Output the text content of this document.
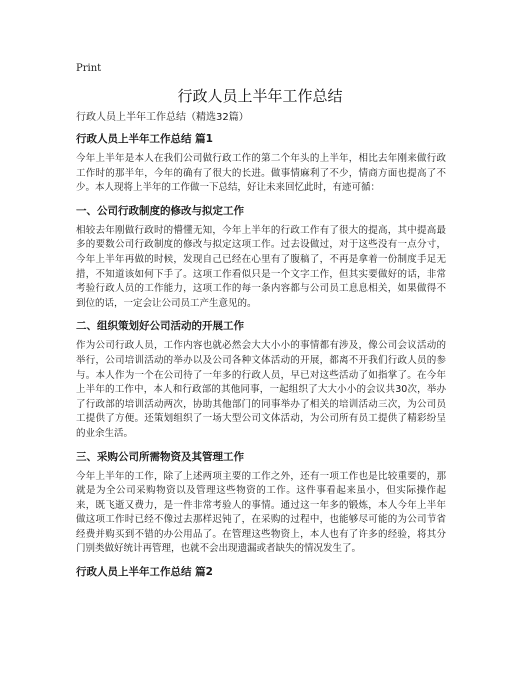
Print
行政人员上半年工作总结

行政人员上半年工作总结（精选32篇）

行政人员上半年工作总结 篇1

今年上半年是本人在我们公司做行政工作的第二个年头的上半年，相比去年刚来做行政工作时的那半年，今年的确有了很大的长进。做事情麻利了不少，情商方面也提高了不少。本人现将上半年的工作做一下总结，好让未来回忆此时，有迹可循：

一、公司行政制度的修改与拟定工作

相较去年刚做行政时的懵懂无知，今年上半年的行政工作有了很大的提高，其中提高最多的要数公司行政制度的修改与拟定这项工作。过去设做过，对于这些没有一点分寸，今年上半年再做的时候，发现自己已经在心里有了腹稿了，不再是拿着一份制度手足无措，不知道该如何下手了。这项工作看似只是一个文字工作，但其实要做好的话，非常考验行政人员的工作能力，这项工作的每一条内容都与公司员工息息相关，如果做得不到位的话，一定会让公司员工产生意见的。

二、组织策划好公司活动的开展工作

作为公司行政人员，工作内容也就必然会大大小小的事情都有涉及，像公司会议活动的举行，公司培训活动的举办以及公司各种文体活动的开展，都离不开我们行政人员的参与。本人作为一个在公司待了一年多的行政人员，早已对这些活动了如指掌了。在今年上半年的工作中，本人和行政部的其他同事，一起组织了大大小小的会议共30次，举办了行政部的培训活动两次，协助其他部门的同事举办了相关的培训活动三次，为公司员工提供了方便。还策划组织了一场大型公司文体活动，为公司所有员工提供了精彩纷呈的业余生活。

三、采购公司所需物资及其管理工作

今年上半年的工作，除了上述两项主要的工作之外，还有一项工作也是比较重要的，那就是为全公司采购物资以及管理这些物资的工作。这件事看起来虽小，但实际操作起来，既飞逝又费力，是一件非常考验人的事情。通过这一年多的锻炼，本人今年上半年做这项工作时已经不像过去那样迟钝了，在采购的过程中，也能够尽可能的为公司节省经费并购买到不错的办公用品了。在管理这些物资上，本人也有了许多的经验，将其分门别类做好统计再管理，也就不会出现遗漏或者缺失的情况发生了。

行政人员上半年工作总结 篇2
